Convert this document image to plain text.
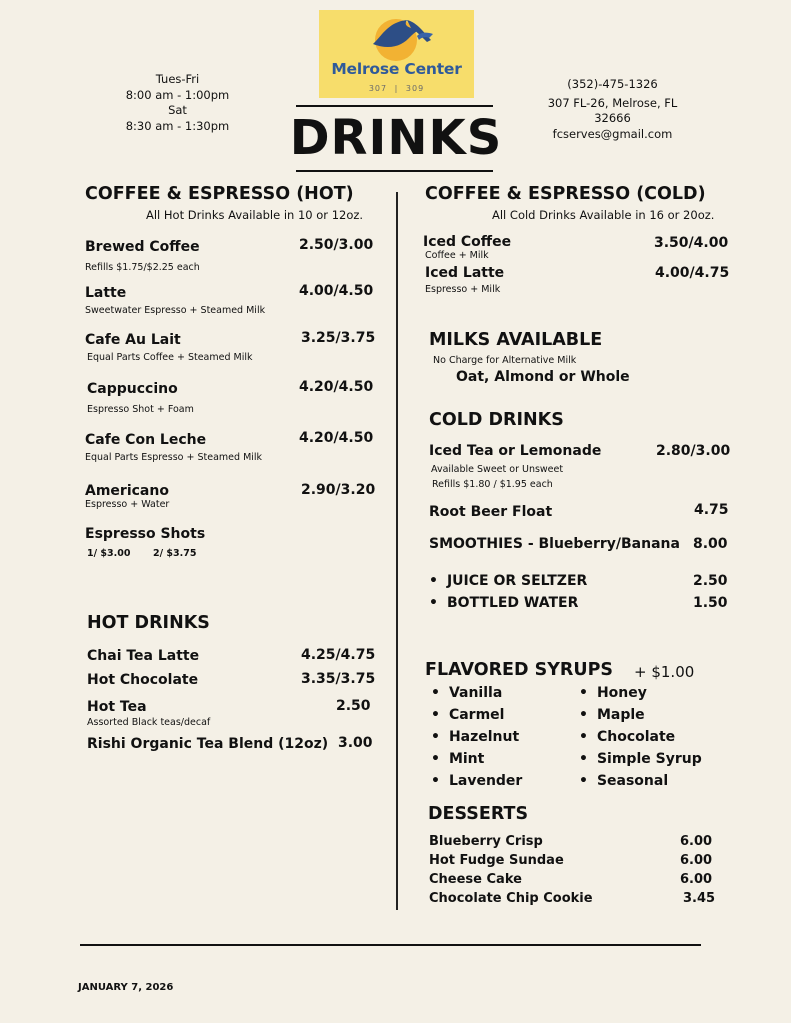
Tues-Fri
8:00 am - 1:00pm
Sat
8:30 am - 1:30pm
Melrose Center
307 | 309	(352)-475-1326
307 FL-26, Melrose, FL
32666
fcserves@gmail.com
DRINKS
COFFEE & ESPRESSO (HOT)
All Hot Drinks Available in 10 or 12oz.
Brewed Coffee	2.50/3.00
Refills $1.75/$2.25 each
Latte	4.00/4.50
Sweetwater Espresso + Steamed Milk
Cafe Au Lait	3.25/3.75
Equal Parts Coffee + Steamed Milk
Cappuccino	4.20/4.50
Espresso Shot + Foam
Cafe Con Leche	4.20/4.50
Equal Parts Espresso + Steamed Milk
Americano	2.90/3.20
Espresso + Water
Espresso Shots
1/ $3.00 2/ $3.75
HOT DRINKS
Chai Tea Latte	4.25/4.75
Hot Chocolate	3.35/3.75
Hot Tea	2.50
Assorted Black teas/decaf
Rishi Organic Tea Blend (12oz) 3.00
COFFEE & ESPRESSO (COLD)
All Cold Drinks Available in 16 or 20oz.
Iced Coffee	3.50/4.00
Coffee + Milk
Iced Latte	4.00/4.75
Espresso + Milk
MILKS AVAILABLE
No Charge for Alternative Milk
Oat, Almond or Whole
COLD DRINKS
Iced Tea or Lemonade	2.80/3.00
Available Sweet or Unsweet
Refills $1.80 / $1.95 each
Root Beer Float	4.75
SMOOTHIES - Blueberry/Banana 8.00
• JUICE OR SELTZER	2.50
• BOTTLED WATER	1.50
FLAVORED SYRUPS + $1.00
• Vanilla
• Carmel
• Hazelnut
• Mint
• Lavender
• Honey
• Maple
• Chocolate
• Simple Syrup
• Seasonal
DESSERTS
Blueberry Crisp	6.00
Hot Fudge Sundae	6.00
Cheese Cake	6.00
Chocolate Chip Cookie	3.45
JANUARY 7, 2026
